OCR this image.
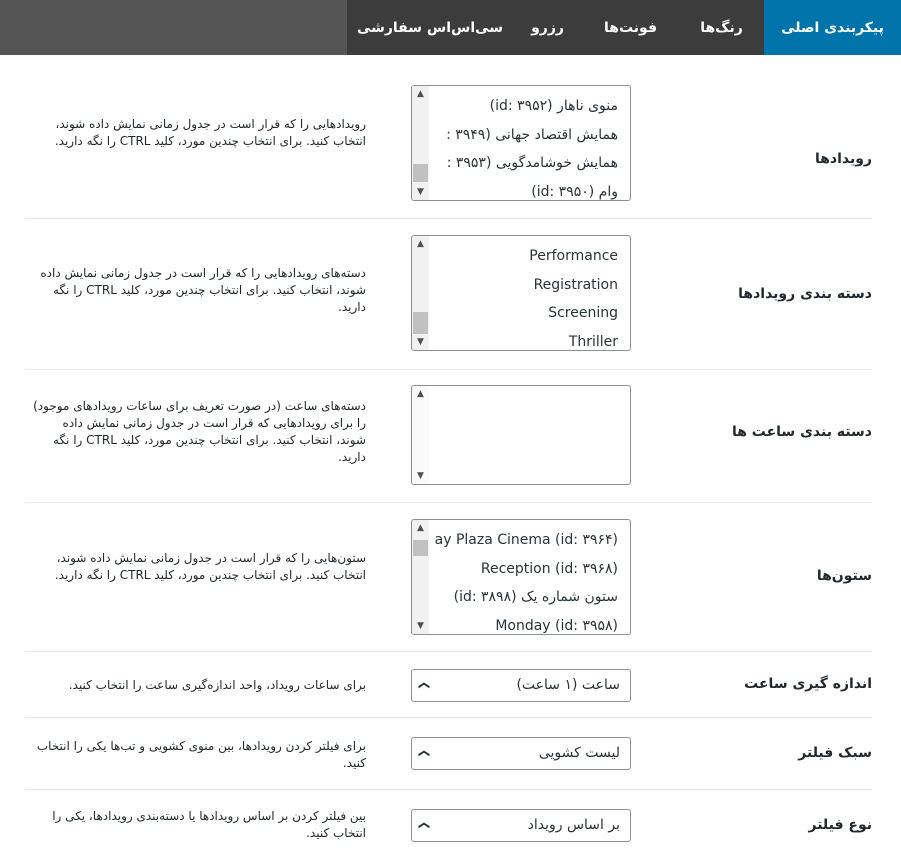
پیکربندی اصلی
رنگ‌ها
فونت‌ها
رزرو
سی‌اس‌اس سفارشی
رویدادها
منوی ناهار (id: ۳۹۵۲)
همایش اقتصاد جهانی (۳۹۴۹ :
همایش خوشامدگویی (۳۹۵۳ :
وام (id: ۳۹۵۰)
▲
▼
رویدادهایی را که قرار است در جدول زمانی نمایش داده شوند، انتخاب کنید. برای انتخاب چندین مورد، کلید CTRL را نگه دارید.
دسته بندی رویدادها
Performance
Registration
Screening
Thriller
▲
▼
دسته‌های رویدادهایی را که قرار است در جدول زمانی نمایش داده شوند، انتخاب کنید. برای انتخاب چندین مورد، کلید CTRL را نگه دارید.
دسته بندی ساعت ها
▲
▼
دسته‌های ساعت (در صورت تعریف برای ساعات رویدادهای موجود) را برای رویدادهایی که قرار است در جدول زمانی نمایش داده شوند، انتخاب کنید. برای انتخاب چندین مورد، کلید CTRL را نگه دارید.
ستون‌ها
ay Plaza Cinema (id: ۳۹۶۴)
Reception (id: ۳۹۶۸)
ستون شماره یک (id: ۳۸۹۸)
Monday (id: ۳۹۵۸)
▲
▼
ستون‌هایی را که قرار است در جدول زمانی نمایش داده شوند، انتخاب کنید. برای انتخاب چندین مورد، کلید CTRL را نگه دارید.
اندازه گیری ساعت
ساعت (۱ ساعت)
❯
برای ساعات رویداد، واحد اندازه‌گیری ساعت را انتخاب کنید.
سبک فیلتر
لیست کشویی
❯
برای فیلتر کردن رویدادها، بین منوی کشویی و تب‌ها یکی را انتخاب کنید.
نوع فیلتر
بر اساس رویداد
❯
بین فیلتر کردن بر اساس رویدادها یا دسته‌بندی رویدادها، یکی را انتخاب کنید.
